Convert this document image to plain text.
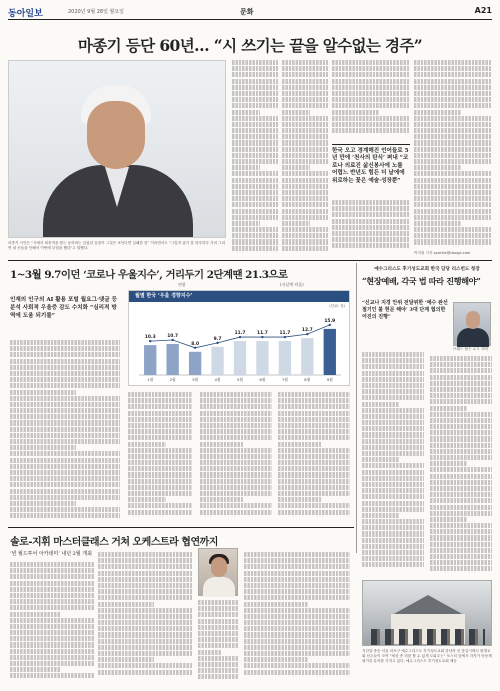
동아일보	2020년 9월 28일 월요일	문화	A21
마종기 등단 60년… “시 쓰기는 끝을 알수없는 경주”
마종기 시인은 “시에서 최종적을 찾는 동하려는 길었던 들꽃이 그것은 보인다면 실패한 것” 이라면서도 “그렇지 않기 쓸 하루하루 거의 그러면 내 신들을 인해서 이번에 부럽을 했다”고 말했다.
한국 오고 경계해진 언어들로 5년 만에 ‘천사의 탄식’ 펴내 “코로나 의료진 삶신봉사에 노를 어렵느 반년도 힘든 더 날에에 위로하는 꽃은 예술·성장뿐”
박지원 기자 sparkle@donga.com
1~3월 9.7이던 ‘코로나 우울지수’, 거리두기 2단계땐 21.3으로
연합	(자살예 약물)
인재의 인구의 AI 활용 포털 월요그·댓글 등 분석 사회적 우울증 감도 수치화 “심리적 방역에 도움 되기를”
월별 한국 ‘우울 경향지수’
(단위: 점)
10.3
1월
10.7
2월
8.0
3월
9.7
4월
11.7
5월
11.7
6월
11.7
7월
12.7
8월
15.9
9월
솔로-지휘 마스터클래스 거쳐 오케스트라 협연까지
‘빈 월드투어 아카데미’ 내년 2월 개최
예수그리스도 후기성도교회 한국 담당 리스번드 청장
“현장예배, 각국 법 따라 진행해야”
“신교나 지경 안위 전달위한 ‘예수 완선 절기인 불 현문 해야’ 3대 단계 협의한 어진의 진행”
브래드 윌슨 로시 자택
지난달 중순 서울 마포구 예수그리스도 후기성도교회 강남학 신 잠실시에서 평생교회 신도들이 모여 “세상 종 의를 할 수 있게 도와주는” 포스터 앞에서 각자가 아동제 평가한 유아를 가지고 있다. 예수그리스도 후기성도교회 제공
